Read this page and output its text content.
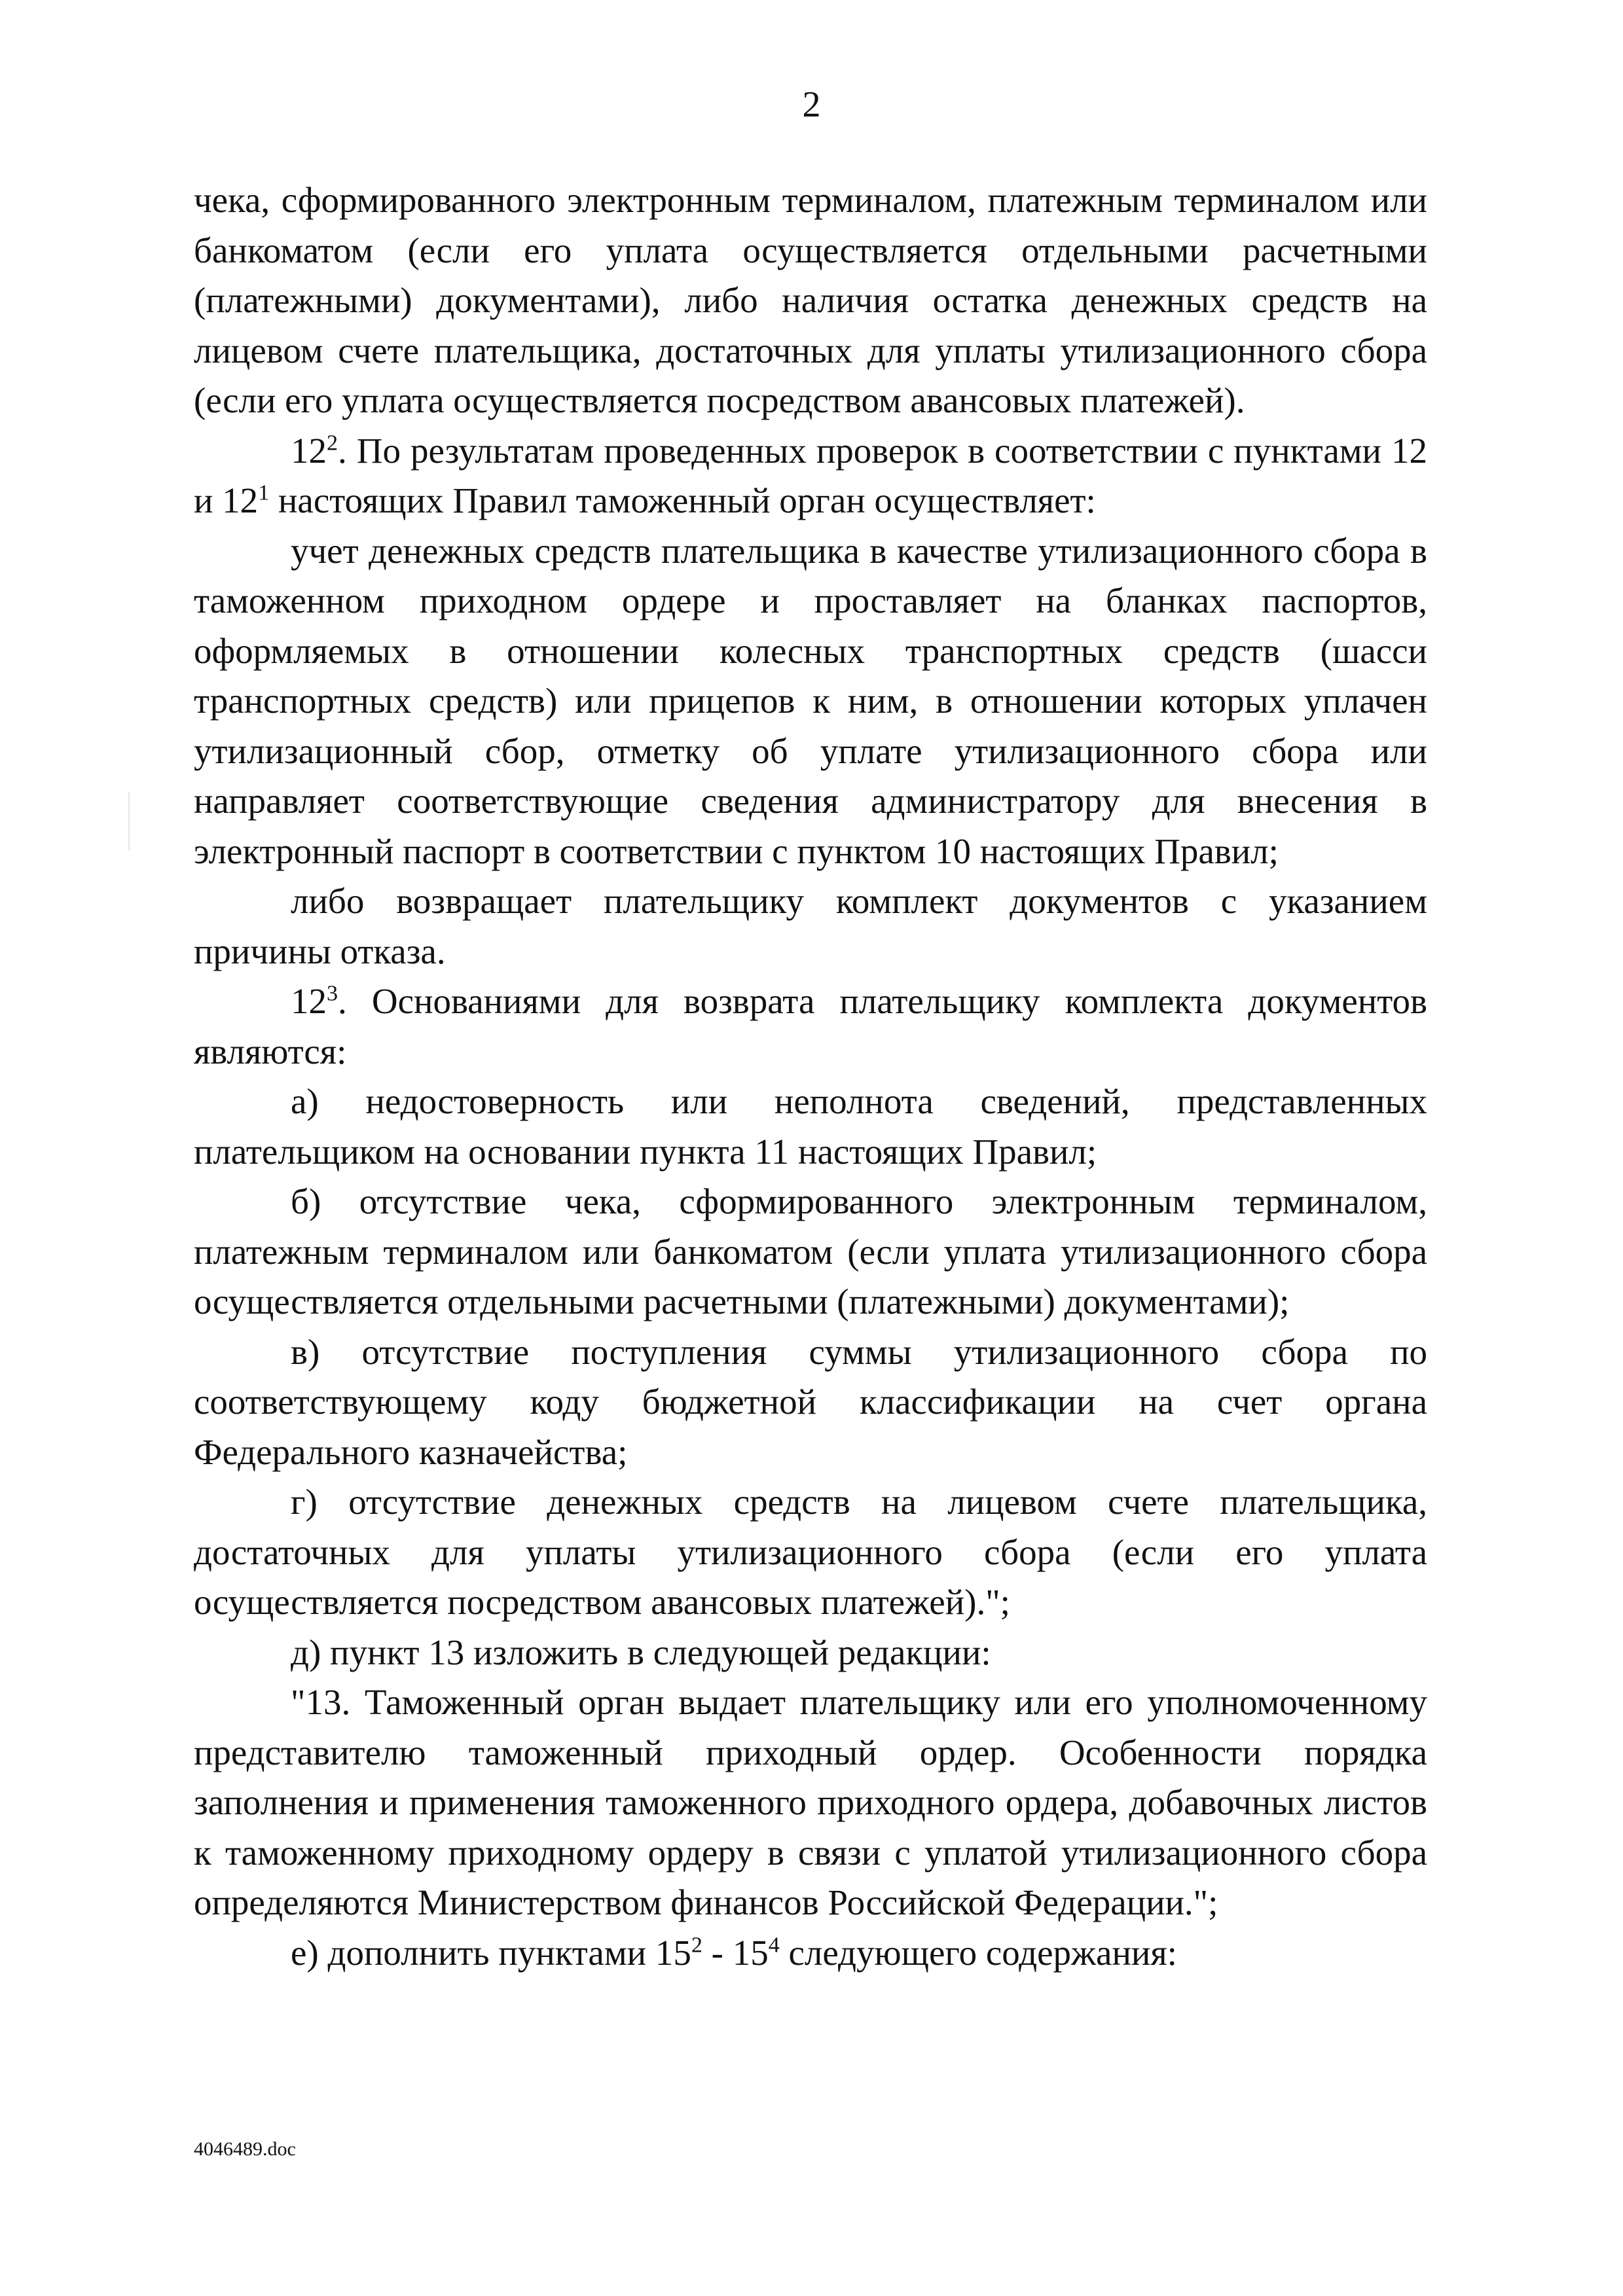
2

чека, сформированного электронным терминалом, платежным терминалом или банкоматом (если его уплата осуществляется отдельными расчетными (платежными) документами), либо наличия остатка денежных средств на лицевом счете плательщика, достаточных для уплаты утилизационного сбора (если его уплата осуществляется посредством авансовых платежей).

$12^2$. По результатам проведенных проверок в соответствии с пунктами 12 и $12^1$ настоящих Правил таможенный орган осуществляет:

учет денежных средств плательщика в качестве утилизационного сбора в таможенном приходном ордере и проставляет на бланках паспортов, оформляемых в отношении колесных транспортных средств (шасси транспортных средств) или прицепов к ним, в отношении которых уплачен утилизационный сбор, отметку об уплате утилизационного сбора или направляет соответствующие сведения администратору для внесения в электронный паспорт в соответствии с пунктом 10 настоящих Правил;

либо возвращает плательщику комплект документов с указанием причины отказа.

$12^3$. Основаниями для возврата плательщику комплекта документов являются:

а) недостоверность или неполнота сведений, представленных плательщиком на основании пункта 11 настоящих Правил;

б) отсутствие чека, сформированного электронным терминалом, платежным терминалом или банкоматом (если уплата утилизационного сбора осуществляется отдельными расчетными (платежными) документами);

в) отсутствие поступления суммы утилизационного сбора по соответствующему коду бюджетной классификации на счет органа Федерального казначейства;

г) отсутствие денежных средств на лицевом счете плательщика, достаточных для уплаты утилизационного сбора (если его уплата осуществляется посредством авансовых платежей).";

д) пункт 13 изложить в следующей редакции:

"13. Таможенный орган выдает плательщику или его уполномоченному представителю таможенный приходный ордер. Особенности порядка заполнения и применения таможенного приходного ордера, добавочных листов к таможенному приходному ордеру в связи с уплатой утилизационного сбора определяются Министерством финансов Российской Федерации.";

е) дополнить пунктами $15^2 - 15^4$ следующего содержания:

4046489.doc
